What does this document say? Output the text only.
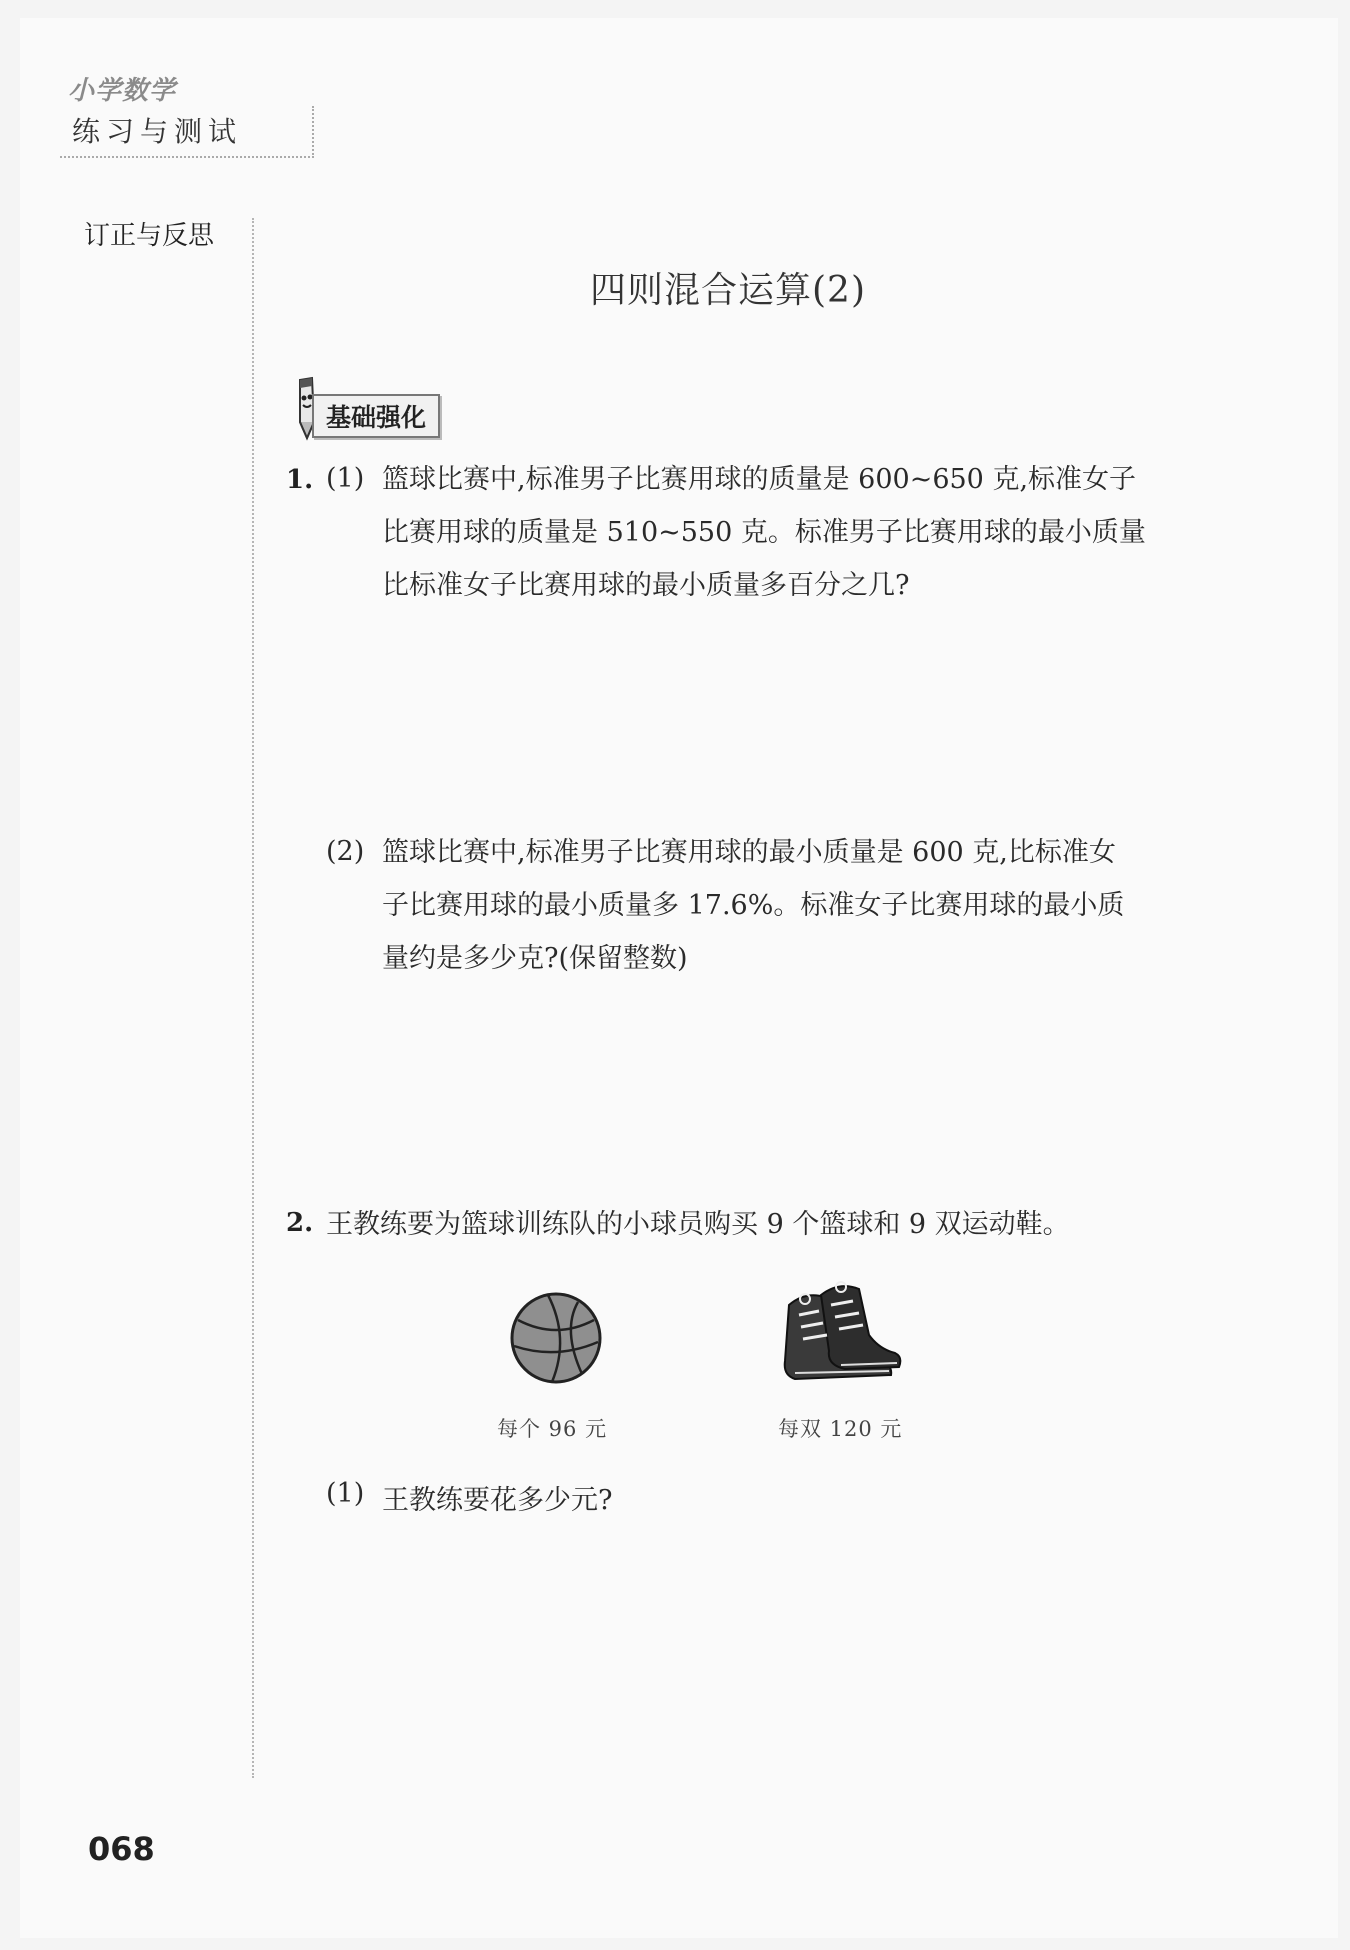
小学数学
练习与测试
订正与反思
四则混合运算(2)
基础强化
1. (1) 篮球比赛中,标准男子比赛用球的质量是 600~650 克,标准女子

比赛用球的质量是 510~550 克。标准男子比赛用球的最小质量

比标准女子比赛用球的最小质量多百分之几?

(2) 篮球比赛中,标准男子比赛用球的最小质量是 600 克,比标准女

子比赛用球的最小质量多 17.6%。标准女子比赛用球的最小质

量约是多少克?(保留整数)

2. 王教练要为篮球训练队的小球员购买 9 个篮球和 9 双运动鞋。
每个 96 元	每双 120 元
(1) 王教练要花多少元?
068
